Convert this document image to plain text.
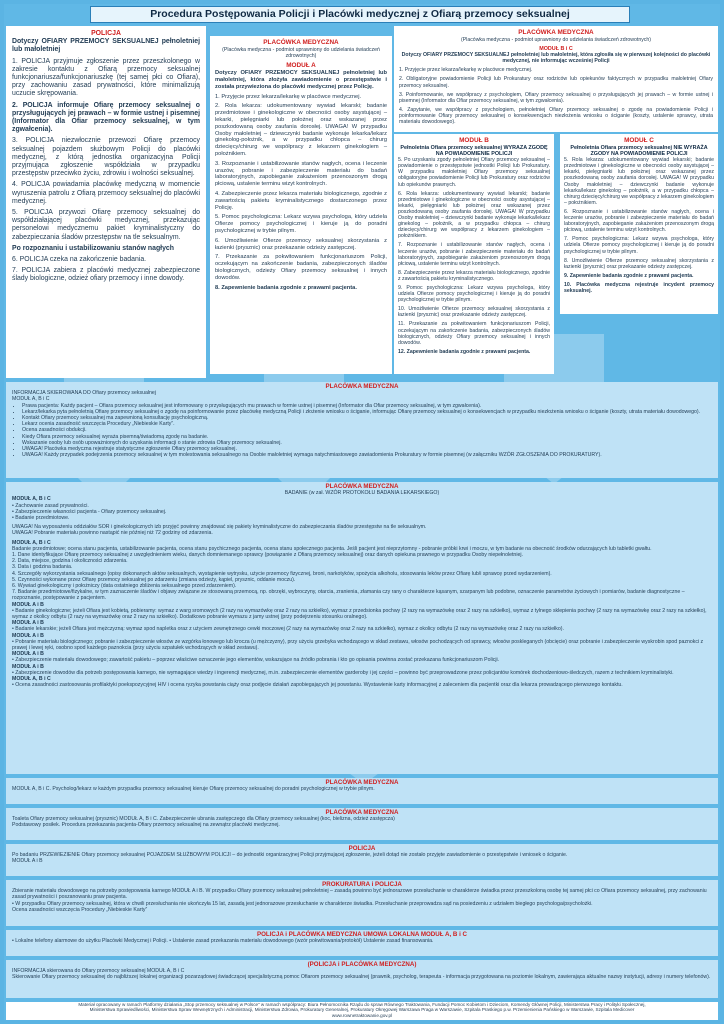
Procedura Postępowania Policji i Placówki medycznej z Ofiarą przemocy seksualnej
POLICJA

Dotyczy OFIARY PRZEMOCY SEKSUALNEJ pełnoletniej lub małoletniej

1. POLICJA przyjmuje zgłoszenie przez przeszkolonego w zakresie kontaktu z Ofiarą przemocy seksualnej funkcjonariusza/funkcjonariuszkę (tej samej płci co Ofiara), przy zachowaniu zasad prywatności, które minimalizują uczucie skrępowania.

2. POLICJA informuje Ofiarę przemocy seksualnej o przysługujących jej prawach – w formie ustnej i pisemnej (Informator dla Ofiar przemocy seksualnej, w tym zgwałcenia).

3. POLICJA niezwłocznie przewozi Ofiarę przemocy seksualnej pojazdem służbowym Policji do placówki medycznej, z którą jednostka organizacyjna Policji przyjmująca zgłoszenie współdziała w przypadku przestępstw przeciwko życiu, zdrowiu i wolności seksualnej.

4. POLICJA powiadamia placówkę medyczną w momencie wyruszenia patrolu z Ofiarą przemocy seksualnej do placówki medycznej.

5. POLICJA przywozi Ofiarę przemocy seksualnej do współdziałającej placówki medycznej, przekazując personelowi medycznemu pakiet kryminalistyczny do zabezpieczania śladów przestępstw na tle seksualnym.

Po rozpoznaniu i ustabilizowaniu stanów nagłych

6. POLICJA czeka na zakończenie badania.

7. POLICJA zabiera z placówki medycznej zabezpieczone ślady biologiczne, odzież ofiary przemocy i inne dowody.

PLACÓWKA MEDYCZNA

(Placówka medyczna - podmiot uprawniony do udzielania świadczeń zdrowotnych)

MODUŁ A

Dotyczy OFIARY PRZEMOCY SEKSUALNEJ pełnoletniej lub małoletniej, która złożyła zawiadomienie o przestępstwie i została przywieziona do placówki medycznej przez Policję.

1. Przyjęcie przez lekarza/lekarkę w placówce medycznej.

2. Rola lekarza: udokumentowany wywiad lekarski; badanie przedmiotowe i ginekologiczne w obecności osoby asystującej – lekarki, pielęgniarki lub położnej oraz wskazanej przez poszkodowaną osoby zaufania dorosłej. UWAGA! W przypadku Osoby małoletniej – dziewczynki badanie wykonuje lekarka/lekarz ginekolog-położnik, a w przypadku chłopca – chirurg dziecięcy/chirurg we współpracy z lekarzem ginekologiem – położnikiem.

3. Rozpoznanie i ustabilizowanie stanów nagłych, ocena i leczenie urazów, pobranie i zabezpieczenie materiału do badań laboratoryjnych, zapobieganie zakażeniom przenoszonym drogą płciową, ustalenie terminu wizyt kontrolnych.

4. Zabezpieczenie przez lekarza materiału biologicznego, zgodnie z zawartością pakietu kryminalistycznego dostarczonego przez Policję.

5. Pomoc psychologiczna: Lekarz wzywa psychologa, który udziela Ofierze pomocy psychologicznej i kieruje ją do poradni psychologicznej w trybie pilnym.

6. Umożliwienie Ofierze przemocy seksualnej skorzystania z łazienki (prysznic) oraz przekazanie odzieży zastępczej.

7. Przekazanie za pokwitowaniem funkcjonariuszom Policji, oczekującym na zakończenie badania, zabezpieczonych śladów biologicznych, odzieży Ofiary przemocy seksualnej i innych dowodów.

8. Zapewnienie badania zgodnie z prawami pacjenta.

PLACÓWKA MEDYCZNA

(Placówka medyczna - podmiot uprawniony do udzielania świadczeń zdrowotnych)

MODUŁ B i C

Dotyczy OFIARY PRZEMOCY SEKSUALNEJ pełnoletniej lub małoletniej, która zgłosiła się w pierwszej kolejności do placówki medycznej, nie informując wcześniej Policji

1. Przyjęcie przez lekarza/lekarkę w placówce medycznej.

2. Obligatoryjne powiadomienie Policji lub Prokuratury oraz rodziców lub opiekunów faktycznych w przypadku małoletniej Ofiary przemocy seksualnej.

3. Poinformowanie, we współpracy z psychologiem, Ofiary przemocy seksualnej o przysługujących jej prawach – w formie ustnej i pisemnej (Informator dla Ofiar przemocy seksualnej, w tym zgwałcenia).

4. Zapytanie, we współpracy z psychologiem, pełnoletniej Ofiary przemocy seksualnej o zgodę na powiadomienie Policji i poinformowanie Ofiary przemocy seksualnej o konsekwencjach niezłożenia wniosku o ściganie (koszty, ustalenie sprawcy, utrata materiału dowodowego).

MODUŁ B
Pełnoletnia Ofiara przemocy seksualnej WYRAZA ZGODĘ NA POWIADOMIENIE POLICJI

5. Po uzyskaniu zgody pełnoletniej Ofiary przemocy seksualnej – powiadomienie o przestępstwie jednostki Policji lub Prokuratury. W przypadku małoletniej Ofiary przemocy seksualnej obligatoryjne powiadomienie Policji lub Prokuratury oraz rodziców lub opiekunów prawnych.

6. Rola lekarza: udokumentowany wywiad lekarski; badanie przedmiotowe i ginekologiczne w obecności osoby asystującej – lekarki, pielęgniarki lub położnej oraz wskazanej przez poszkodowaną osoby zaufania dorosłej. UWAGA! W przypadku Osoby małoletniej – dziewczynki badanie wykonuje lekarka/lekarz ginekolog – położnik, a w przypadku chłopca – chirurg dziecięcy/chirurg we współpracy z lekarzem ginekologiem – położnikiem.

7. Rozpoznanie i ustabilizowanie stanów nagłych, ocena i leczenie urazów, pobranie i zabezpieczenie materiału do badań laboratoryjnych, zapobieganie zakażeniom przenoszonym drogą płciową, ustalenie terminu wizyt kontrolnych.

8. Zabezpieczenie przez lekarza materiału biologicznego, zgodnie z zawartością pakietu kryminalistycznego.

9. Pomoc psychologiczna: Lekarz wzywa psychologa, który udziela Ofierze pomocy psychologicznej i kieruje ją do poradni psychologicznej w trybie pilnym.

10. Umożliwienie Ofierze przemocy seksualnej skorzystania z łazienki (prysznic) oraz przekazanie odzieży zastępczej.

11. Przekazanie za pokwitowaniem funkcjonariuszom Policji, oczekującym na zakończenie badania, zabezpieczonych śladów biologicznych, odzieży Ofiary przemocy seksualnej i innych dowodów.

12. Zapewnienie badania zgodnie z prawami pacjenta.

MODUŁ C
Pełnoletnia Ofiara przemocy seksualnej NIE WYRAŻA ZGODY NA POWIADOMIENIE POLICJI

5. Rola lekarza: udokumentowany wywiad lekarski; badanie przedmiotowe i ginekologiczne w obecności osoby asystującej – lekarki, pielęgniarki lub położnej oraz wskazanej przez poszkodowaną osoby zaufania dorosłej. UWAGA! W przypadku Osoby małoletniej – dziewczynki badanie wykonuje lekarka/lekarz ginekolog – położnik, a w przypadku chłopca – chirurg dziecięcy/chirurg we współpracy z lekarzem ginekologiem – położnikiem.

6. Rozpoznanie i ustabilizowanie stanów nagłych, ocena i leczenie urazów, pobranie i zabezpieczenie materiału do badań laboratoryjnych, zapobieganie zakażeniom przenoszonym drogą płciową, ustalenie terminu wizyt kontrolnych.

7. Pomoc psychologiczna: Lekarz wzywa psychologa, który udziela Ofierze pomocy psychologicznej i kieruje ją do poradni psychologicznej w trybie pilnym.

8. Umożliwienie Ofierze przemocy seksualnej skorzystania z łazienki (prysznic) oraz przekazanie odzieży zastępczej.

9. Zapewnienie badania zgodnie z prawami pacjenta.

10. Placówka medyczna rejestruje incydent przemocy seksualnej.

PLACÓWKA MEDYCZNA
INFORMACJA SKIEROWANA DO Ofiary przemocy seksualnej
MODUŁ A, B i C
• Prawa pacjenta: Każdy pacjent – Ofiara przemocy seksualnej jest informowany o przysługujących mu prawach w formie ustnej i pisemnej (Informator dla Ofiar przemocy seksualnej, w tym zgwałcenia).
• Lekarz/lekarka pyta pełnoletnią Ofiarę przemocy seksualnej o zgodę na poinformowanie przez placówkę medyczną Policji i złożenie wniosku o ściganie, informując Ofiarę przemocy seksualnej o konsekwencjach w przypadku niezłożenia wniosku o ściganie (koszty, utrata materiału dowodowego).
• Kontakt Ofiary przemocy seksualnej ma zapewnioną konsultację psychologiczną.
• Lekarz ocenia zasadność wszczęcia Procedury „Niebieskie Karty”.
• Ocena zasadności obdukcji.
• Kiedy Ofiara przemocy seksualnej wyraża pisemną/świadomą zgodę na badanie.
• Wskazanie osoby lub osób upoważnionych do uzyskania informacji o stanie zdrowia Ofiary przemocy seksualnej.
• UWAGA! Placówka medyczna rejestruje statystyczne zgłoszenie Ofiary przemocy seksualnej.
• UWAGA! Każdy przypadek podejrzenia przemocy seksualnej w tym molestowania seksualnego na Osobie małoletniej wymaga natychmiastowego zawiadomienia Prokuratury w formie pisemnej (w załączniku WZÓR ZGŁOSZENIA DO PROKURATURY).
PLACÓWKA MEDYCZNA
BADANIE (w zał. WZÓR PROTOKOŁU BADANIA LEKARSKIEGO)
MODUŁ A, B i C
• Zachowanie zasad prywatności.
• Zabezpieczenie własności pacjenta - Ofiary przemocy seksualnej.
• Badanie przedmiotowe.
UWAGA! Na wyposażeniu oddziałów SOR i ginekologicznych izb przyjęć powinny znajdować się pakiety kryminalistyczne do zabezpieczania śladów przestępstw na tle seksualnym.
UWAGA! Pobranie materiału powinno nastąpić nie później niż 72 godziny od zdarzenia.
MODUŁ A, B i C
Badanie przedmiotowe; ocena stanu pacjenta, ustabilizowanie pacjenta, ocena stanu psychicznego pacjenta, ocena stanu społecznego pacjenta. Jeśli pacjent jest nieprzytomny - pobranie próbki krwi i moczu, w tym badanie na obecność środków odurzających lub tabletki gwałtu.
1. Dane identyfikujące Ofiarę przemocy seksualnej z uwzględnieniem wieku, danych domniemanego sprawcy (powiązanie z Ofiarą przemocy seksualnej) oraz danych opiekuna prawnego w przypadku Osoby niepełnoletniej.
2. Data, miejsce, godzina i okoliczności zdarzenia.
3. Data i godzina badania.
4. Szczegóły wykorzystania seksualnego (opisy dokonanych aktów seksualnych, wystąpienie wytrysku, użycie przemocy fizycznej, broni, narkotyków, spożycia alkoholu, stosowania leków przez Ofiarę lub/i sprawcę przed wydarzeniem).
5. Czynności wykonane przez Ofiarę przemocy seksualnej po zdarzeniu (zmiana odzieży, kąpiel, prysznic, oddanie moczu).
6. Wywiad ginekologiczny i położniczy (data ostatniego zbliżenia seksualnego przed zdarzeniem).
7. Badanie przedmiotowe/fizykalne, w tym zaznaczenie śladów i objawy związane ze stosowaną przemocą, np. obrzęki, wybroczyny, otarcia, zranienia, złamania czy rany o charakterze kąsanym, szarpanym lub podobne, oznaczenie parametrów życiowych i pomiarów, badanie diagnostyczne – rozpoznanie, postępowanie z pacjentem.
MODUŁ A i B
• Badanie ginekologiczne; jeżeli Ofiara jest kobietą, pobieramy: wymaz z warg sromowych (2 razy na wymazówkę oraz 2 razy na szkiełko), wymaz z przedsionka pochwy (2 razy na wymazówkę oraz 2 razy na szkiełko), wymaz z tylnego sklepienia pochwy (2 razy na wymazówkę oraz 2 razy na szkiełko), wymaz z okolicy odbytu (2 razy na wymazówkę oraz 2 razy na szkiełko). Dodatkowo pobranie wymazu z jamy ustnej (przy podejrzeniu stosunku oralnego).
MODUŁ A i B
• Badanie lekarskie; jeżeli Ofiara jest mężczyzną: wymaz spod napletka oraz z użyciem zewnętrznego cewki moczowej (2 razy na wymazówkę oraz 2 razy na szkiełko), wymaz z okolicy odbytu (2 razy na wymazówkę oraz 2 razy na szkiełko).
MODUŁ A i B
• Pobranie materiału biologicznego; pobranie i zabezpieczenie włosów ze wzgórka łonowego lub krocza (u mężczyzny), przy użyciu grzebyka wchodzącego w skład zestawu, włosów pochodzących od sprawcy, włosów poskleganych (obcięcie) oraz pobranie i zabezpieczenie wyskrobin spod paznokci z prawej i lewej ręki, osobno spod każdego paznokcia (przy użyciu szpatułek wchodzących w skład zestawu).
MODUŁ A i B
• Zabezpieczenie materiału dowodowego; zawartość pakietu – poprzez właściwe oznaczenie jego elementów, wskazujące na źródło pobrania i kto go opisania powinna zostać przekazana funkcjonariuszom Policji.
MODUŁ A i B
• Zabezpieczenie dowodów dla potrzeb postępowania karnego, nie wymagające wiedzy i ingerencji medycznej, m.in. zabezpieczenie elementów garderoby i jej części – powinno być przeprowadzone przez policjantów komórek dochodzeniowo-śledczych, razem z technikiem kryminalistyki.
MODUŁ A, B i C
• Ocena zasadności zastosowania profilaktyki poekspozycyjnej HIV i ocena ryzyka powstania ciąży oraz podjęcie działań zapobiegających jej powstaniu. Wystawienie karty informacyjnej z zaleceniem dla pacjentki oraz dla lekarza prowadzącego pierwszego kontaktu.
PLACÓWKA MEDYCZNA
MODUŁ A, B i C. Psycholog/lekarz w każdym przypadku przemocy seksualnej kieruje Ofiarę przemocy seksualnej do poradni psychologicznej w trybie pilnym.
PLACÓWKA MEDYCZNA
Toaleta Ofiary przemocy seksualnej (prysznic) MODUŁ A, B i C. Zabezpieczenie ubrania zastępczego dla Ofiary przemocy seksualnej (koc, bielizna, odzież zastępcza)
Podstawowy posiłek. Procedura przekazania pacjenta-Ofiary przemocy seksualnej na zewnątrz placówki medycznej.
POLICJA
Po badaniu PRZEWIEZIENIE Ofiary przemocy seksualnej POJAZDEM SŁUŻBOWYM POLICJI – do jednostki organizacyjnej Policji przyjmującej zgłoszenie, jeżeli dotąd nie zostało przyjęte zawiadomienie o przestępstwie i wniosek o ściganie.
MODUŁ A i B
PROKURATURA i POLICJA
Zbieranie materiału dowodowego na potrzeby postępowania karnego MODUŁ A i B. W przypadku Ofiary przemocy seksualnej pełnoletniej – zasadą powinno być jednorazowe przesłuchanie w charakterze świadka przez przeszkoloną osobę tej samej płci co Ofiara przemocy seksualnej, przy zachowaniu zasad prywatności i poszanowaniu praw pacjenta.
• W przypadku Ofiary przemocy seksualnej, która w chwili przesłuchania nie ukończyła 15 lat, zasadą jest jednorazowe przesłuchanie w charakterze świadka. Przesłuchanie przeprowadza sąd na posiedzeniu z udziałem biegłego psychologa/psycholożki.
Ocena zasadności wszczęcia Procedury „Niebieskie Karty”
POLICJA i PLACÓWKA MEDYCZNA UMOWA LOKALNA MODUŁ A, B i C
• Lokalne telefony alarmowe do użytku Placówki Medycznej i Policji. • Ustalenie zasad przekazania materiału dowodowego (wzór pokwitowania/protokół) Ustalenie zasad finansowania.
(POLICJA i PLACÓWKA MEDYCZNA)
INFORMACJA skierowana do Ofiary przemocy seksualnej MODUŁ A, B i C
Skierowanie Ofiary przemocy seksualnej do najbliższej lokalnej organizacji pozarządowej świadczącej specjalistyczną pomoc Ofiarom przemocy seksualnej (prawnik, psycholog, terapeuta - informacja przygotowana na poziomie lokalnym, zawierająca aktualne nazwy instytucji, adresy i numery telefonów).
Materiał opracowany w ramach Platformy działania „Stop przemocy seksualnej w Polsce” w ramach współpracy: Biura Pełnomocnika Rządu do spraw Równego Traktowania, Fundacji Pomoc Kobietom i Dzieciom, Komendy Głównej Policji, Ministerstwa Pracy i Polityki Społecznej,
Ministerstwa Sprawiedliwości, Ministerstwa Spraw Wewnętrznych i Administracji, Ministerstwa Zdrowia, Prokuratury Generalnej, Prokuratury Okręgowej Warszawa Praga w Warszawie, Szpitala Praskiego p.w. Przemienienia Pańskiego w Warszawie, Szpitala Medicover
www.rownetraktowanie.gov.pl
